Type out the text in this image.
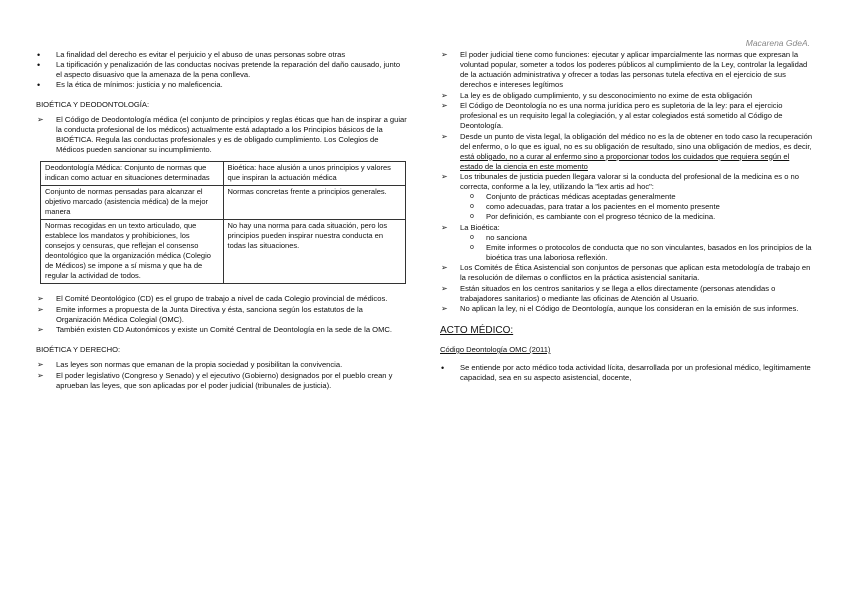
Macarena GdeA.
• La finalidad del derecho es evitar el perjuicio y el abuso de unas personas sobre otras
• La tipificación y penalización de las conductas nocivas pretende la reparación del daño causado, junto el aspecto disuasivo que la amenaza de la pena conlleva.
• Es la ética de mínimos: justicia y no maleficencia.
BIOÉTICA Y DEODONTOLOGÍA:
➢ El Código de Deodontología médica (el conjunto de principios y reglas éticas que han de inspirar a guiar la conducta profesional de los médicos) actualmente está adaptado a los Principios básicos de la BIOÉTICA. Regula las conductas profesionales y es de obligado cumplimiento. Los Colegios de Médicos pueden sancionar su incumplimiento.
Deodontología Médica: Conjunto de normas que indican como actuar en situaciones determinadas	Bioética: hace alusión a unos principios y valores que inspiran la actuación médica
Conjunto de normas pensadas para alcanzar el objetivo marcado (asistencia médica) de la mejor manera	Normas concretas frente a principios generales.
Normas recogidas en un texto articulado, que establece los mandatos y prohibiciones, los consejos y censuras, que reflejan el consenso deontológico que la organización médica (Colegio de Médicos) se impone a sí misma y que ha de regular la actividad de todos.	No hay una norma para cada situación, pero los principios pueden inspirar nuestra conducta en todas las situaciones.
➢ El Comité Deontológico (CD) es el grupo de trabajo a nivel de cada Colegio provincial de médicos.
➢ Emite informes a propuesta de la Junta Directiva y ésta, sanciona según los estatutos de la Organización Médica Colegial (OMC).
➢ También existen CD Autonómicos y existe un Comité Central de Deontología en la sede de la OMC.
BIOÉTICA Y DERECHO:
➢ Las leyes son normas que emanan de la propia sociedad y posibilitan la convivencia.
➢ El poder legislativo (Congreso y Senado) y el ejecutivo (Gobierno) designados por el pueblo crean y aprueban las leyes, que son aplicadas por el poder judicial (tribunales de justicia).
➢ El poder judicial tiene como funciones: ejecutar y aplicar imparcialmente las normas que expresan la voluntad popular, someter a todos los poderes públicos al cumplimiento de la Ley, controlar la legalidad de la actuación administrativa y ofrecer a todas las personas tutela efectiva en el ejercicio de sus derechos e intereses legítimos
➢ La ley es de obligado cumplimiento, y su desconocimiento no exime de esta obligación
➢ El Código de Deontología no es una norma jurídica pero es supletoria de la ley: para el ejercicio profesional es un requisito legal la colegiación, y al estar colegiados está sometido al Código de Deontología.
➢ Desde un punto de vista legal, la obligación del médico no es la de obtener en todo caso la recuperación del enfermo, o lo que es igual, no es su obligación de resultado, sino una obligación de medios, es decir, está obligado, no a curar al enfermo sino a proporcionar todos los cuidados que requiera según el estado de la ciencia en este momento
➢ Los tribunales de justicia pueden llegara valorar si la conducta del profesional de la medicina es o no correcta, conforme a la ley, utilizando la "lex artis ad hoc":
o Conjunto de prácticas médicas aceptadas generalmente
o como adecuadas, para tratar a los pacientes en el momento presente
o Por definición, es cambiante con el progreso técnico de la medicina.
➢ La Bioética:
o no sanciona
o Emite informes o protocolos de conducta que no son vinculantes, basados en los principios de la bioética tras una laboriosa reflexión.
➢ Los Comités de Ética Asistencial son conjuntos de personas que aplican esta metodología de trabajo en la resolución de dilemas o conflictos en la práctica asistencial sanitaria.
➢ Están situados en los centros sanitarios y se llega a ellos directamente (personas atendidas o trabajadores sanitarios) o mediante las oficinas de Atención al Usuario.
➢ No aplican la ley, ni el Código de Deontología, aunque los consideran en la emisión de sus informes.
ACTO MÉDICO:
Código Deontología OMC (2011)
• Se entiende por acto médico toda actividad lícita, desarrollada por un profesional médico, legítimamente capacidad, sea en su aspecto asistencial, docente,
